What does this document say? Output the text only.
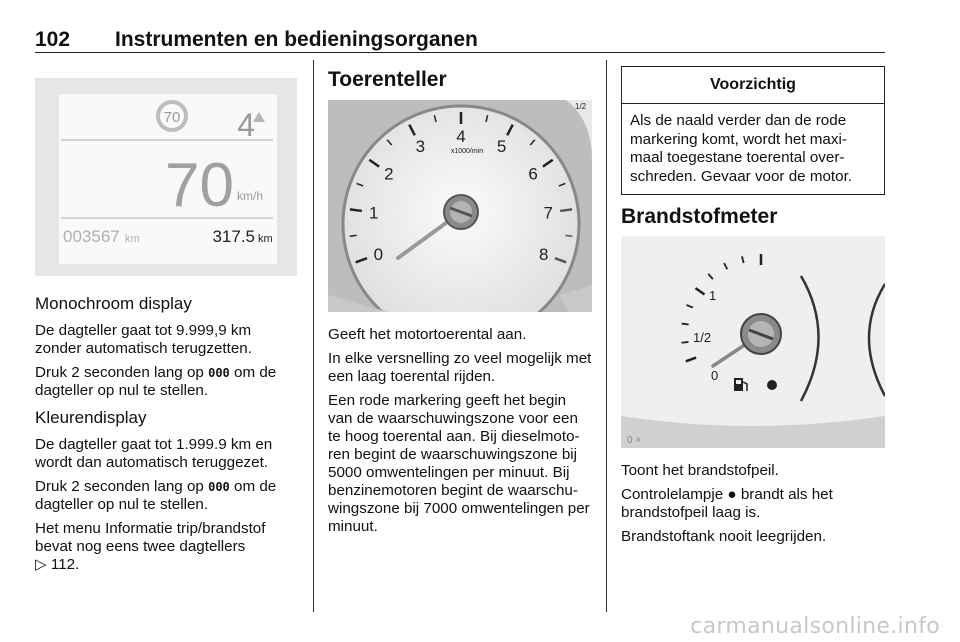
102 Instrumenten en bedieningsorganen
70 4
70 km/h
003567 km	317.5 km
Monochroom display

De dagteller gaat tot 9.999,9 km zonder automatisch terugzetten.

Druk 2 seconden lang op 000 om de dagteller op nul te stellen.

Kleurendisplay

De dagteller gaat tot 1.999.9 km en wordt dan automatisch teruggezet.

Druk 2 seconden lang op 000 om de dagteller op nul te stellen.

Het menu Informatie trip/brandstof bevat nog eens twee dagtellers
▷ 112.

Toerenteller
0
1
2
3
4
5
6
7
8
x1000/min
1/2

Geeft het motortoerental aan.

In elke versnelling zo veel mogelijk met een laag toerental rijden.

Een rode markering geeft het begin van de waarschuwingszone voor een te hoog toerental aan. Bij dieselmoto-ren begint de waarschuwingszone bij 5000 omwentelingen per minuut. Bij benzinemotoren begint de waarschu-wingszone bij 7000 omwentelingen per minuut.

Voorzichtig
Als de naald verder dan de rode markering komt, wordt het maxi-maal toegestane toerental over-schreden. Gevaar voor de motor.
Brandstofmeter
1
1/2
0
0 ×

Toont het brandstofpeil.

Controlelampje ● brandt als het brandstofpeil laag is.

Brandstoftank nooit leegrijden.

carmanualsonline.info
